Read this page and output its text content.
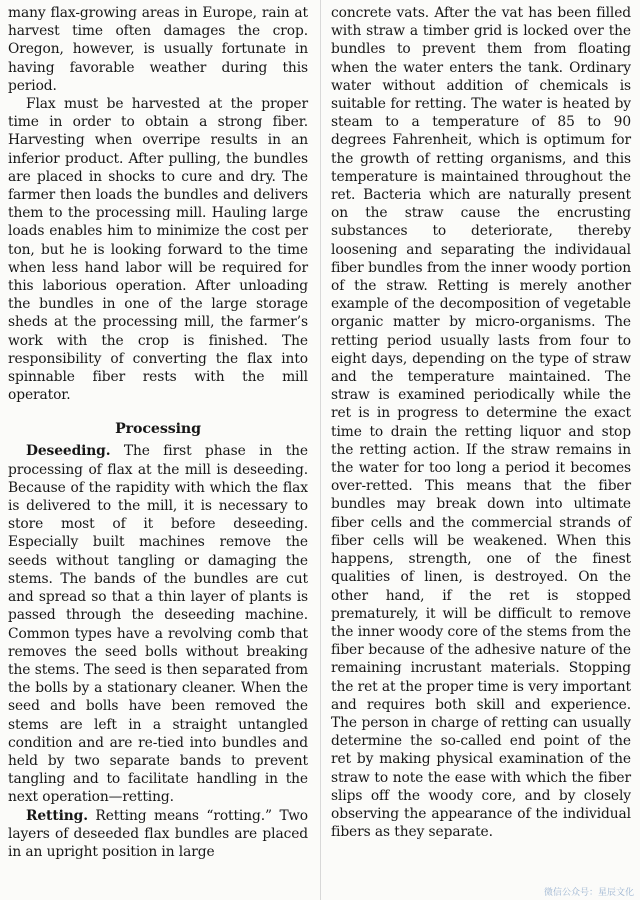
many flax-growing areas in Europe, rain at harvest time often damages the crop. Oregon, however, is usually fortunate in having favorable weather during this period.

Flax must be harvested at the proper time in order to obtain a strong fiber. Harvesting when overripe results in an inferior product. After pulling, the bundles are placed in shocks to cure and dry. The farmer then loads the bundles and delivers them to the processing mill. Hauling large loads enables him to minimize the cost per ton, but he is looking forward to the time when less hand labor will be required for this laborious operation. After unloading the bundles in one of the large storage sheds at the processing mill, the farmer’s work with the crop is finished. The responsibility of converting the flax into spinnable fiber rests with the mill operator.

Processing

Deseeding. The first phase in the processing of flax at the mill is deseeding. Because of the rapidity with which the flax is delivered to the mill, it is necessary to store most of it before deseeding. Especially built machines remove the seeds without tangling or damaging the stems. The bands of the bundles are cut and spread so that a thin layer of plants is passed through the deseeding machine. Common types have a revolving comb that removes the seed bolls without breaking the stems. The seed is then separated from the bolls by a stationary cleaner. When the seed and bolls have been removed the stems are left in a straight untangled condition and are re-tied into bundles and held by two separate bands to prevent tangling and to facilitate handling in the next operation—retting.

Retting. Retting means “rotting.” Two layers of deseeded flax bundles are placed in an upright position in large

concrete vats. After the vat has been filled with straw a timber grid is locked over the bundles to prevent them from floating when the water enters the tank. Ordinary water without addition of chemicals is suitable for retting. The water is heated by steam to a temperature of 85 to 90 degrees Fahrenheit, which is optimum for the growth of retting organisms, and this temperature is maintained throughout the ret. Bacteria which are naturally present on the straw cause the encrusting substances to deteriorate, thereby loosening and separating the individaual fiber bundles from the inner woody portion of the straw. Retting is merely another example of the decomposition of vegetable organic matter by micro-organisms. The retting period usually lasts from four to eight days, depending on the type of straw and the temperature maintained. The straw is examined periodically while the ret is in progress to determine the exact time to drain the retting liquor and stop the retting action. If the straw remains in the water for too long a period it becomes over-retted. This means that the fiber bundles may break down into ultimate fiber cells and the commercial strands of fiber cells will be weakened. When this happens, strength, one of the finest qualities of linen, is destroyed. On the other hand, if the ret is stopped prematurely, it will be difficult to remove the inner woody core of the stems from the fiber because of the adhesive nature of the remaining incrustant materials. Stopping the ret at the proper time is very important and requires both skill and experience. The person in charge of retting can usually determine the so-called end point of the ret by making physical examination of the straw to note the ease with which the fiber slips off the woody core, and by closely observing the appearance of the individual fibers as they separate.

微信公众号：星辰文化
